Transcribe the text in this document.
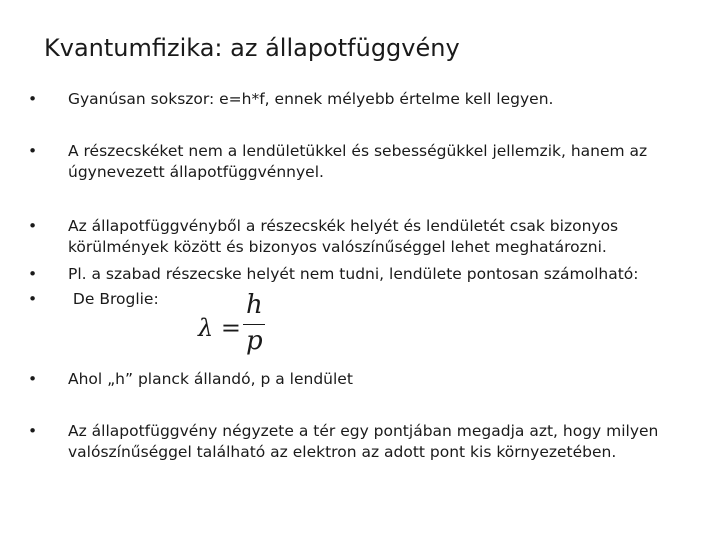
Kvantumfizika: az állapotfüggvény
•	Gyanúsan sokszor: e=h*f, ennek mélyebb értelme kell legyen.
•	A részecskéket nem a lendületükkel és sebességükkel jellemzik, hanem az úgynevezett állapotfüggvénnyel.
•	Az állapotfüggvényből a részecskék helyét és lendületét csak bizonyos körülmények között és bizonyos valószínűséggel lehet meghatározni.
•	Pl. a szabad részecske helyét nem tudni, lendülete pontosan számolható:
•	De Broglie:
λ =
h
p
•	Ahol „h” planck állandó, p a lendület
•	Az állapotfüggvény négyzete a tér egy pontjában megadja azt, hogy milyen valószínűséggel található az elektron az adott pont kis környezetében.
